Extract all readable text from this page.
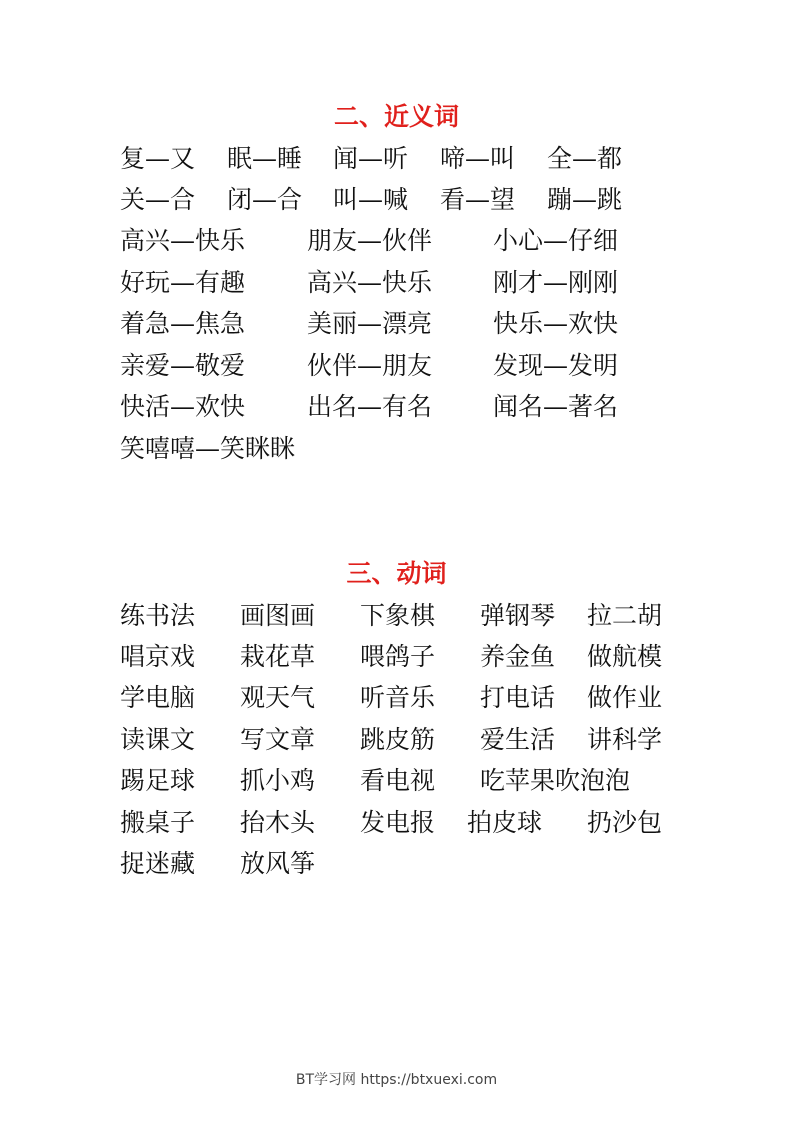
二、近义词
复—又 眠—睡 闻—听 啼—叫 全—都
关—合 闭—合 叫—喊 看—望 蹦—跳
高兴—快乐 朋友—伙伴 小心—仔细
好玩—有趣 高兴—快乐 刚才—刚刚
着急—焦急 美丽—漂亮 快乐—欢快
亲爱—敬爱 伙伴—朋友 发现—发明
快活—欢快 出名—有名 闻名—著名
笑嘻嘻—笑眯眯
三、动词
练书法 画图画 下象棋 弹钢琴 拉二胡
唱京戏 栽花草 喂鸽子 养金鱼 做航模
学电脑 观天气 听音乐 打电话 做作业
读课文 写文章 跳皮筋 爱生活 讲科学
踢足球 抓小鸡 看电视 吃苹果 吹泡泡
搬桌子 抬木头 发电报 拍皮球 扔沙包
捉迷藏 放风筝
BT学习网 https://btxuexi.com
